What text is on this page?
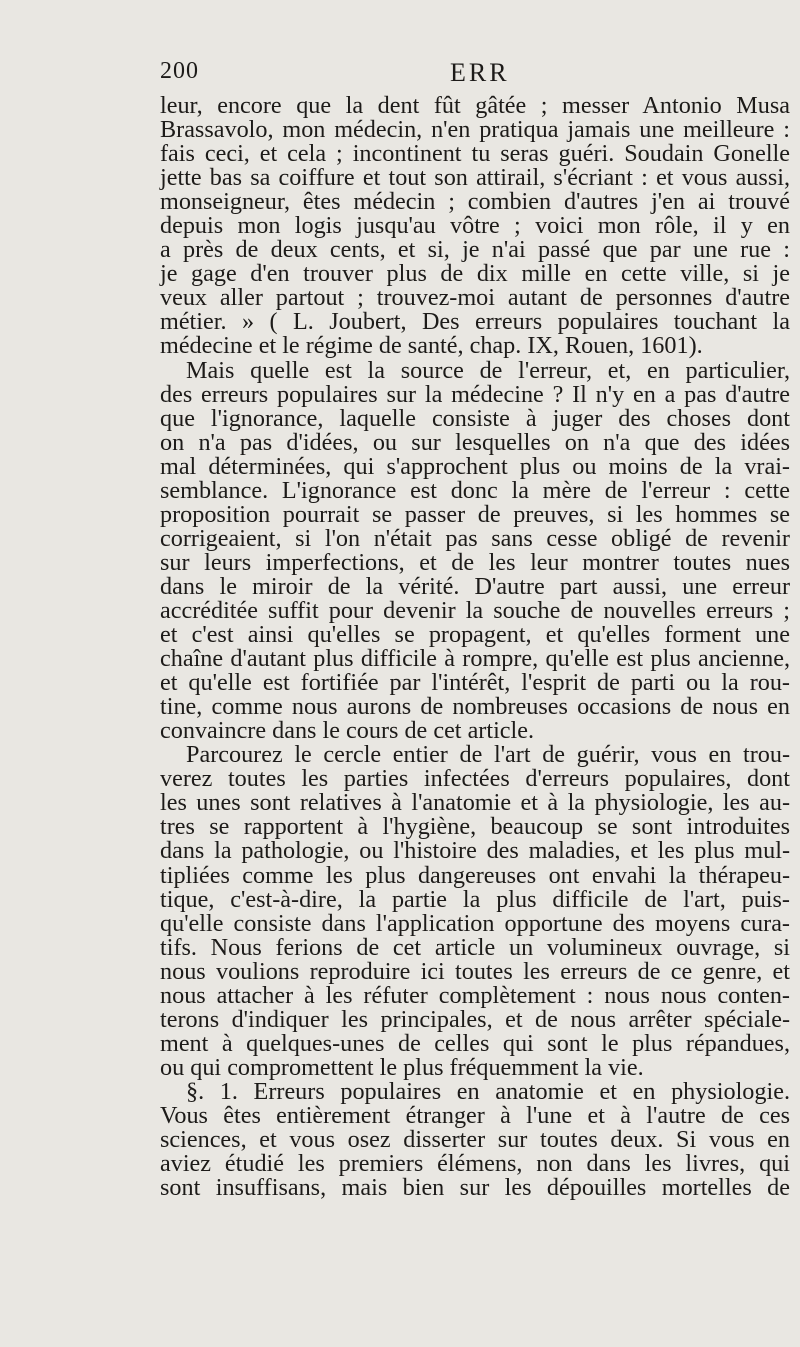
200	ERR
leur, encore que la dent fût gâtée ; messer Antonio Musa
Brassavolo, mon médecin, n'en pratiqua jamais une meilleure :
fais ceci, et cela ; incontinent tu seras guéri. Soudain Gonelle
jette bas sa coiffure et tout son attirail, s'écriant : et vous aussi,
monseigneur, êtes médecin ; combien d'autres j'en ai trouvé
depuis mon logis jusqu'au vôtre ; voici mon rôle, il y en
a près de deux cents, et si, je n'ai passé que par une rue :
je gage d'en trouver plus de dix mille en cette ville, si je
veux aller partout ; trouvez-moi autant de personnes d'autre
métier. » ( L. Joubert, Des erreurs populaires touchant la
médecine et le régime de santé, chap. IX, Rouen, 1601).
Mais quelle est la source de l'erreur, et, en particulier,
des erreurs populaires sur la médecine ? Il n'y en a pas d'autre
que l'ignorance, laquelle consiste à juger des choses dont
on n'a pas d'idées, ou sur lesquelles on n'a que des idées
mal déterminées, qui s'approchent plus ou moins de la vrai-
semblance. L'ignorance est donc la mère de l'erreur : cette
proposition pourrait se passer de preuves, si les hommes se
corrigeaient, si l'on n'était pas sans cesse obligé de revenir
sur leurs imperfections, et de les leur montrer toutes nues
dans le miroir de la vérité. D'autre part aussi, une erreur
accréditée suffit pour devenir la souche de nouvelles erreurs ;
et c'est ainsi qu'elles se propagent, et qu'elles forment une
chaîne d'autant plus difficile à rompre, qu'elle est plus ancienne,
et qu'elle est fortifiée par l'intérêt, l'esprit de parti ou la rou-
tine, comme nous aurons de nombreuses occasions de nous en
convaincre dans le cours de cet article.
Parcourez le cercle entier de l'art de guérir, vous en trou-
verez toutes les parties infectées d'erreurs populaires, dont
les unes sont relatives à l'anatomie et à la physiologie, les au-
tres se rapportent à l'hygiène, beaucoup se sont introduites
dans la pathologie, ou l'histoire des maladies, et les plus mul-
tipliées comme les plus dangereuses ont envahi la thérapeu-
tique, c'est-à-dire, la partie la plus difficile de l'art, puis-
qu'elle consiste dans l'application opportune des moyens cura-
tifs. Nous ferions de cet article un volumineux ouvrage, si
nous voulions reproduire ici toutes les erreurs de ce genre, et
nous attacher à les réfuter complètement : nous nous conten-
terons d'indiquer les principales, et de nous arrêter spéciale-
ment à quelques-unes de celles qui sont le plus répandues,
ou qui compromettent le plus fréquemment la vie.
§. 1. Erreurs populaires en anatomie et en physiologie.
Vous êtes entièrement étranger à l'une et à l'autre de ces
sciences, et vous osez disserter sur toutes deux. Si vous en
aviez étudié les premiers élémens, non dans les livres, qui
sont insuffisans, mais bien sur les dépouilles mortelles de
